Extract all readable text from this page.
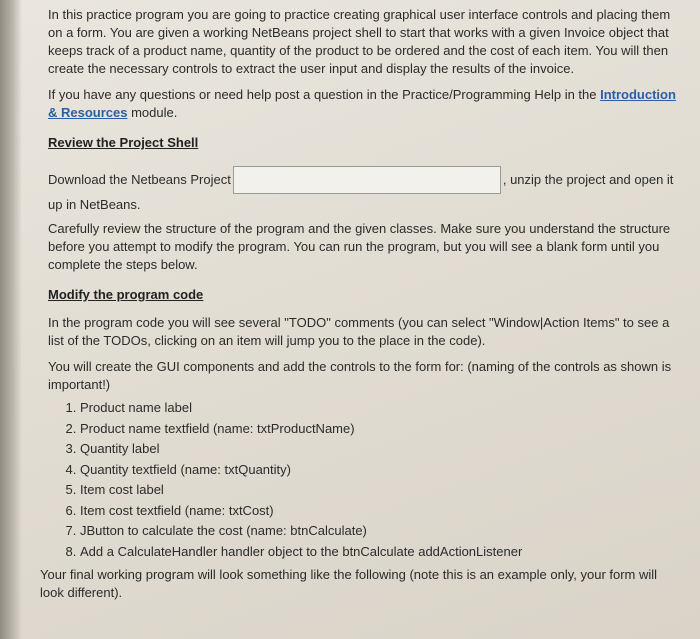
In this practice program you are going to practice creating graphical user interface controls and placing them on a form. You are given a working NetBeans project shell to start that works with a given Invoice object that keeps track of a product name, quantity of the product to be ordered and the cost of each item. You will then create the necessary controls to extract the user input and display the results of the invoice.

If you have any questions or need help post a question in the Practice/Programming Help in the Introduction & Resources module.

Review the Project Shell
Download the Netbeans Project	, unzip the project and open it

up in NetBeans.

Carefully review the structure of the program and the given classes. Make sure you understand the structure before you attempt to modify the program. You can run the program, but you will see a blank form until you complete the steps below.

Modify the program code

In the program code you will see several "TODO" comments (you can select "Window|Action Items" to see a list of the TODOs, clicking on an item will jump you to the place in the code).

You will create the GUI components and add the controls to the form for: (naming of the controls as shown is important!)

1. Product name label
2. Product name textfield (name: txtProductName)
3. Quantity label
4. Quantity textfield (name: txtQuantity)
5. Item cost label
6. Item cost textfield (name: txtCost)
7. JButton to calculate the cost (name: btnCalculate)
8. Add a CalculateHandler handler object to the btnCalculate addActionListener

Your final working program will look something like the following (note this is an example only, your form will look different).
